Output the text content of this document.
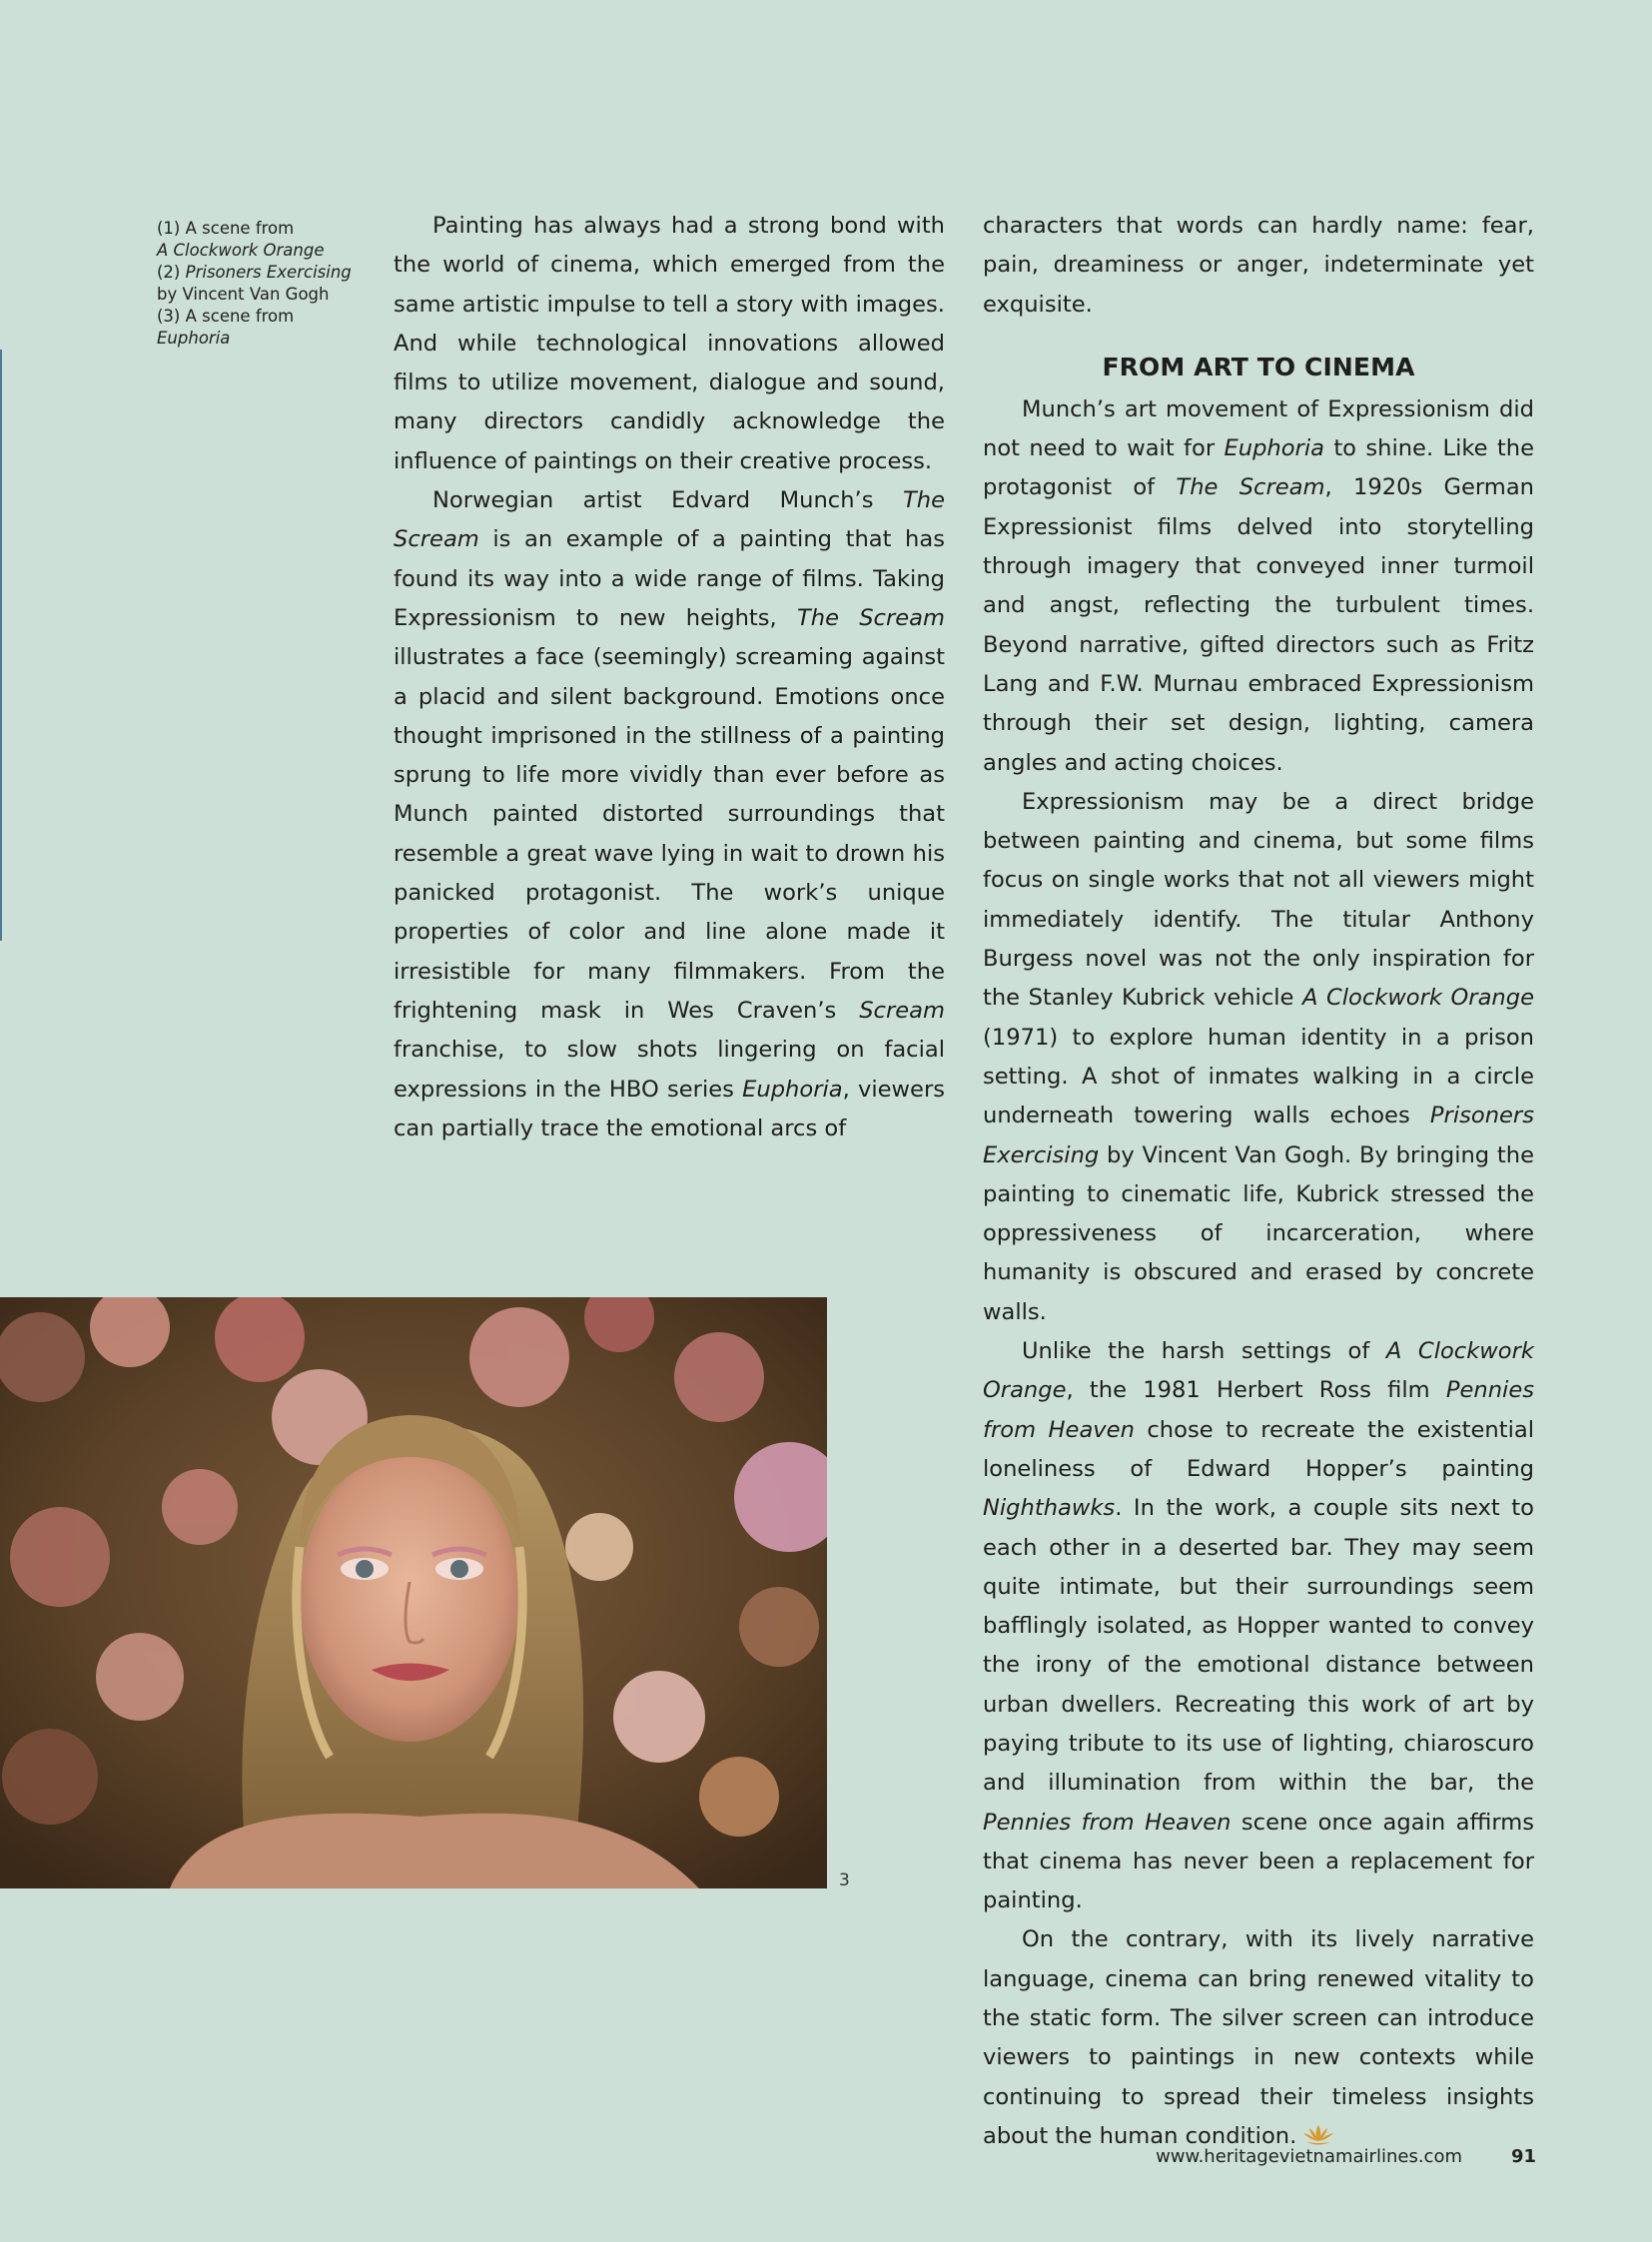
(1) A scene from
A Clockwork Orange
(2) Prisoners Exercising
by Vincent Van Gogh
(3) A scene from
Euphoria

Painting has always had a strong bond with the world of cinema, which emerged from the same artistic impulse to tell a story with images. And while technological innovations allowed films to utilize movement, dialogue and sound, many directors candidly acknowledge the influence of paintings on their creative process.

Norwegian artist Edvard Munch’s The Scream is an example of a painting that has found its way into a wide range of films. Taking Expressionism to new heights, The Scream illustrates a face (seemingly) screaming against a placid and silent background. Emotions once thought imprisoned in the stillness of a painting sprung to life more vividly than ever before as Munch painted distorted surroundings that resemble a great wave lying in wait to drown his panicked protagonist. The work’s unique properties of color and line alone made it irresistible for many filmmakers. From the frightening mask in Wes Craven’s Scream franchise, to slow shots lingering on facial expressions in the HBO series Euphoria, viewers can partially trace the emotional arcs of

characters that words can hardly name: fear, pain, dreaminess or anger, indeterminate yet exquisite.

FROM ART TO CINEMA

Munch’s art movement of Expressionism did not need to wait for Euphoria to shine. Like the protagonist of The Scream, 1920s German Expressionist films delved into storytelling through imagery that conveyed inner turmoil and angst, reflecting the turbulent times. Beyond narrative, gifted directors such as Fritz Lang and F.W. Murnau embraced Expressionism through their set design, lighting, camera angles and acting choices.

Expressionism may be a direct bridge between painting and cinema, but some films focus on single works that not all viewers might immediately identify. The titular Anthony Burgess novel was not the only inspiration for the Stanley Kubrick vehicle A Clockwork Orange (1971) to explore human identity in a prison setting. A shot of inmates walking in a circle underneath towering walls echoes Prisoners Exercising by Vincent Van Gogh. By bringing the painting to cinematic life, Kubrick stressed the oppressiveness of incarceration, where humanity is obscured and erased by concrete walls.

Unlike the harsh settings of A Clockwork Orange, the 1981 Herbert Ross film Pennies from Heaven chose to recreate the existential loneliness of Edward Hopper’s painting Nighthawks. In the work, a couple sits next to each other in a deserted bar. They may seem quite intimate, but their surroundings seem bafflingly isolated, as Hopper wanted to convey the irony of the emotional distance between urban dwellers. Recreating this work of art by paying tribute to its use of lighting, chiaroscuro and illumination from within the bar, the Pennies from Heaven scene once again affirms that cinema has never been a replacement for painting.

On the contrary, with its lively narrative language, cinema can bring renewed vitality to the static form. The silver screen can introduce viewers to paintings in new contexts while continuing to spread their timeless insights about the human condition.

3
www.heritagevietnamairlines.com	91
